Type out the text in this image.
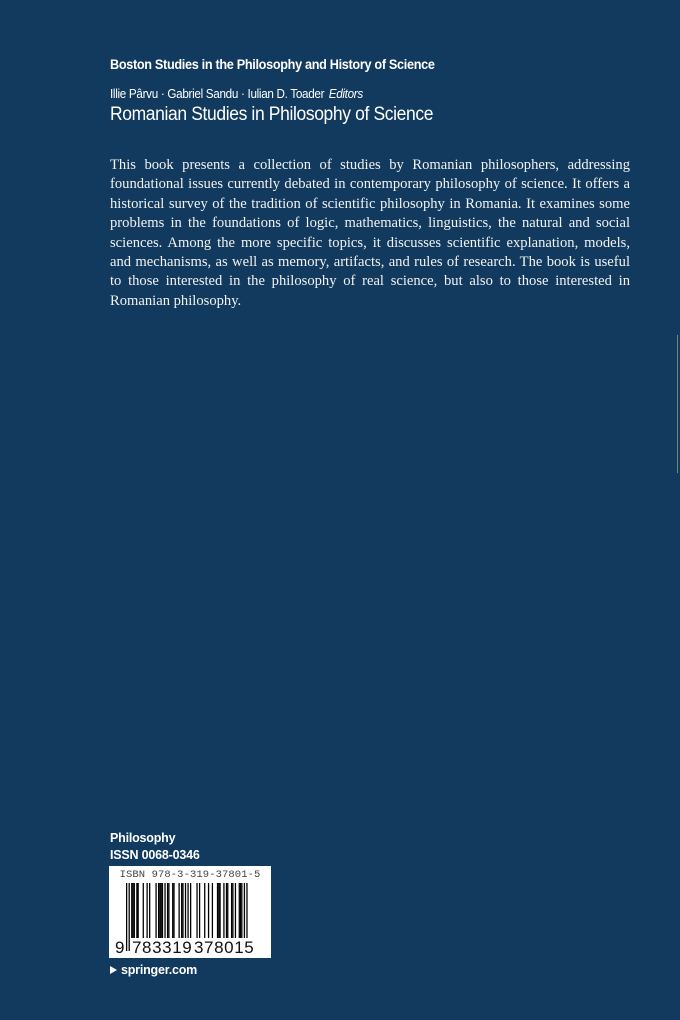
Boston Studies in the Philosophy and History of Science
Illie Pârvu · Gabriel Sandu · Iulian D. Toader Editors
Romanian Studies in Philosophy of Science

This book presents a collection of studies by Romanian philosophers, addressing foundational issues currently debated in contemporary philosophy of science. It offers a historical survey of the tradition of scientific philosophy in Romania. It examines some problems in the foundations of logic, mathematics, linguistics, the natural and social sciences. Among the more specific topics, it discusses scientific explanation, models, and mechanisms, as well as memory, artifacts, and rules of research. The book is useful to those interested in the philosophy of real science, but also to those interested in Romanian philosophy.

Philosophy
ISSN 0068-0346
ISBN 978-3-319-37801-5
9 783319 378015
springer.com
